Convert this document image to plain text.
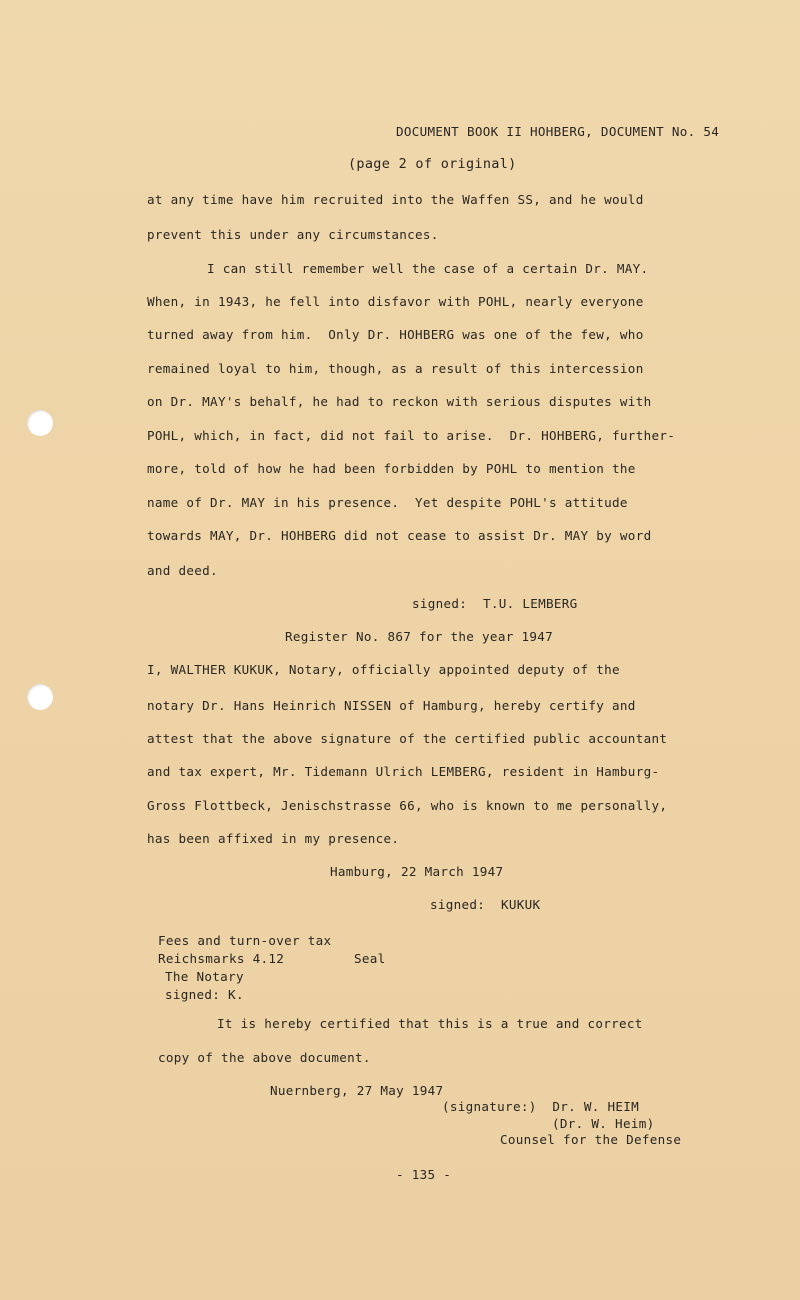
DOCUMENT BOOK II HOHBERG, DOCUMENT No. 54
(page 2 of original)
at any time have him recruited into the Waffen SS, and he would
prevent this under any circumstances.
I can still remember well the case of a certain Dr. MAY.
When, in 1943, he fell into disfavor with POHL, nearly everyone
turned away from him.  Only Dr. HOHBERG was one of the few, who
remained loyal to him, though, as a result of this intercession
on Dr. MAY's behalf, he had to reckon with serious disputes with
POHL, which, in fact, did not fail to arise.  Dr. HOHBERG, further-
more, told of how he had been forbidden by POHL to mention the
name of Dr. MAY in his presence.  Yet despite POHL's attitude
towards MAY, Dr. HOHBERG did not cease to assist Dr. MAY by word
and deed.
signed:  T.U. LEMBERG
Register No. 867 for the year 1947
I, WALTHER KUKUK, Notary, officially appointed deputy of the
notary Dr. Hans Heinrich NISSEN of Hamburg, hereby certify and
attest that the above signature of the certified public accountant
and tax expert, Mr. Tidemann Ulrich LEMBERG, resident in Hamburg-
Gross Flottbeck, Jenischstrasse 66, who is known to me personally,
has been affixed in my presence.
Hamburg, 22 March 1947
signed:  KUKUK
Fees and turn-over tax
Reichsmarks 4.12	Seal
The Notary
signed: K.
It is hereby certified that this is a true and correct
copy of the above document.
Nuernberg, 27 May 1947
(signature:)  Dr. W. HEIM
(Dr. W. Heim)
Counsel for the Defense
- 135 -
